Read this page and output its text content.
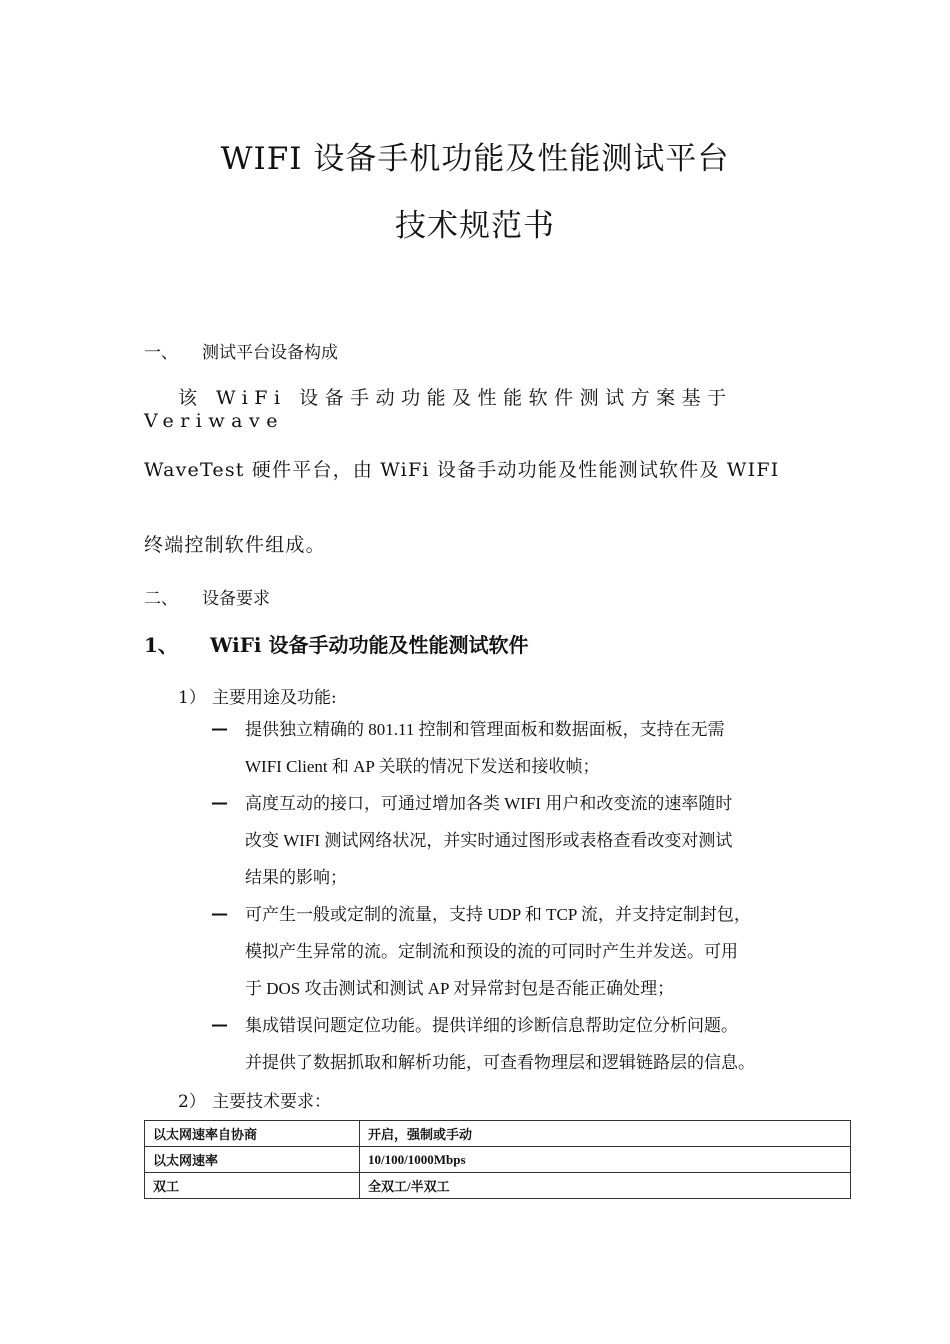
WIFI 设备手机功能及性能测试平台
技术规范书
一、 测试平台设备构成
该 WiFi 设备手动功能及性能软件测试方案基于 Veriwave
WaveTest 硬件平台，由 WiFi 设备手动功能及性能测试软件及 WIFI
终端控制软件组成。
二、 设备要求
1、 WiFi 设备手动功能及性能测试软件
1） 主要用途及功能:
— 提供独立精确的 801.11 控制和管理面板和数据面板，支持在无需
WIFI Client 和 AP 关联的情况下发送和接收帧；
— 高度互动的接口，可通过增加各类 WIFI 用户和改变流的速率随时
改变 WIFI 测试网络状况，并实时通过图形或表格查看改变对测试
结果的影响；
— 可产生一般或定制的流量，支持 UDP 和 TCP 流，并支持定制封包，
模拟产生异常的流。定制流和预设的流的可同时产生并发送。可用
于 DOS 攻击测试和测试 AP 对异常封包是否能正确处理；
— 集成错误问题定位功能。提供详细的诊断信息帮助定位分析问题。
并提供了数据抓取和解析功能，可查看物理层和逻辑链路层的信息。
2） 主要技术要求：
以太网速率自协商	开启，强制或手动
以太网速率	10/100/1000Mbps
双工	全双工/半双工
